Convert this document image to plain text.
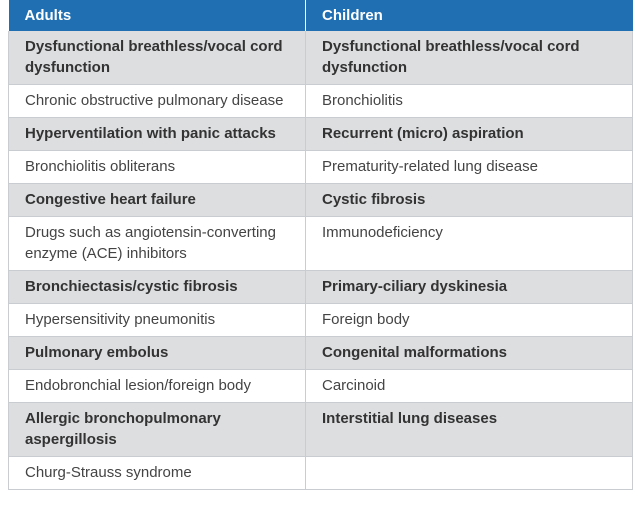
Adults	Children
Dysfunctional breathless/vocal cord dysfunction	Dysfunctional breathless/vocal cord dysfunction
Chronic obstructive pulmonary disease	Bronchiolitis
Hyperventilation with panic attacks	Recurrent (micro) aspiration
Bronchiolitis obliterans	Prematurity-related lung disease
Congestive heart failure	Cystic fibrosis
Drugs such as angiotensin-converting enzyme (ACE) inhibitors	Immunodeficiency
Bronchiectasis/cystic fibrosis	Primary-ciliary dyskinesia
Hypersensitivity pneumonitis	Foreign body
Pulmonary embolus	Congenital malformations
Endobronchial lesion/foreign body	Carcinoid
Allergic bronchopulmonary aspergillosis	Interstitial lung diseases
Churg-Strauss syndrome	
